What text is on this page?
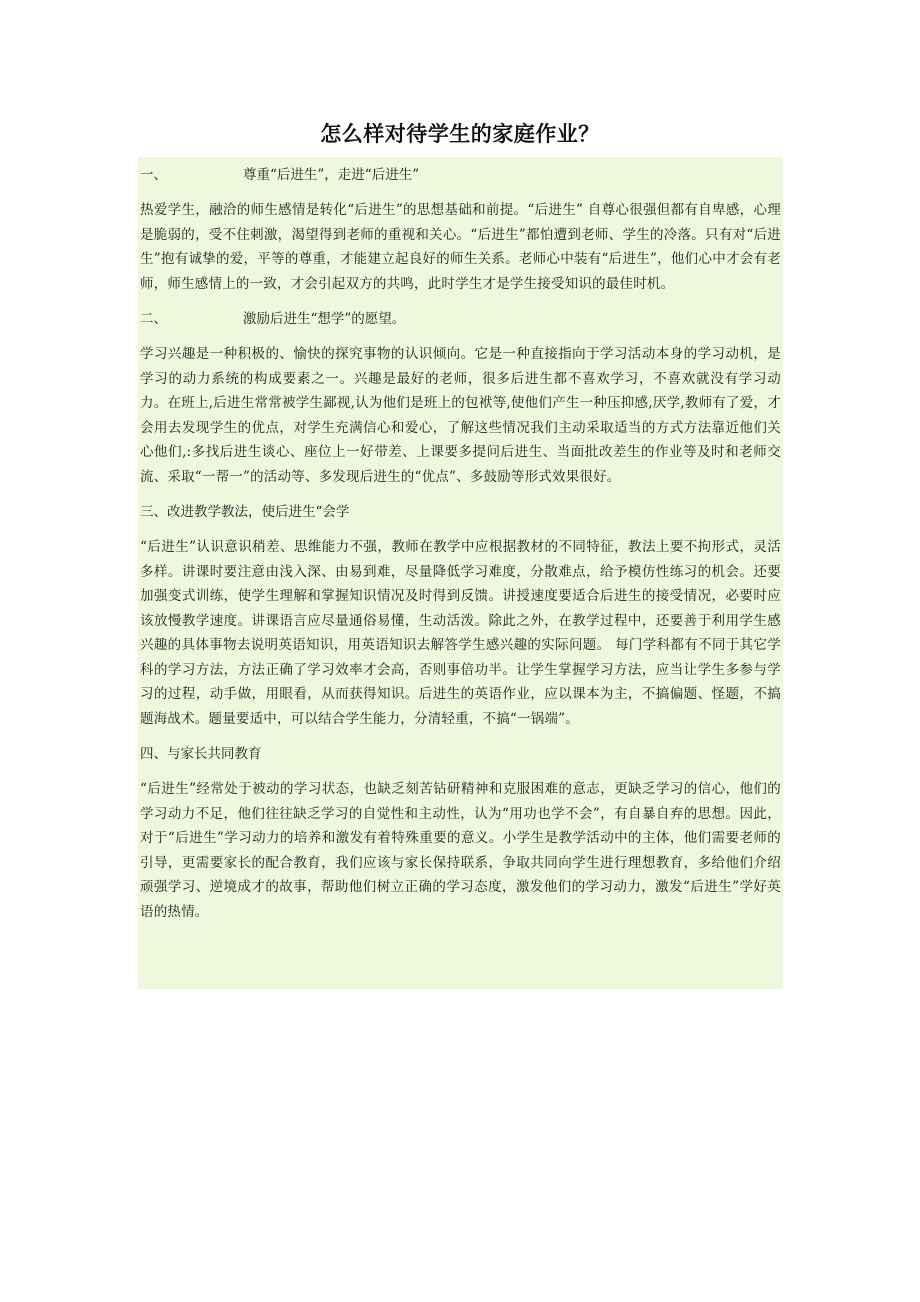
怎么样对待学生的家庭作业？
一、	尊重“后进生”，走进“后进生”
热爱学生，融洽的师生感情是转化“后进生”的思想基础和前提。“后进生” 自尊心很强但都有自卑感，心理是脆弱的，受不住刺激，渴望得到老师的重视和关心。“后进生”都怕遭到老师、学生的冷落。只有对“后进生”抱有诚挚的爱，平等的尊重，才能建立起良好的师生关系。老师心中装有“后进生”，他们心中才会有老师，师生感情上的一致，才会引起双方的共鸣，此时学生才是学生接受知识的最佳时机。
二、	激励后进生“想学”的愿望。
学习兴趣是一种积极的、愉快的探究事物的认识倾向。它是一种直接指向于学习活动本身的学习动机，是学习的动力系统的构成要素之一。兴趣是最好的老师，很多后进生都不喜欢学习，不喜欢就没有学习动力。在班上,后进生常常被学生鄙视,认为他们是班上的包袱等,使他们产生一种压抑感,厌学,教师有了爱，才会用去发现学生的优点，对学生充满信心和爱心，了解这些情况我们主动采取适当的方式方法靠近他们关心他们,:多找后进生谈心、座位上一好带差、上课要多提问后进生、当面批改差生的作业等及时和老师交流、采取“一帮一”的活动等、多发现后进生的“优点”、多鼓励等形式效果很好。
三、改进教学教法，使后进生“会学
“后进生”认识意识稍差、思维能力不强，教师在教学中应根据教材的不同特征，教法上要不拘形式，灵活多样。讲课时要注意由浅入深、由易到难，尽量降低学习难度，分散难点，给予模仿性练习的机会。还要加强变式训练，使学生理解和掌握知识情况及时得到反馈。讲授速度要适合后进生的接受情况，必要时应该放慢教学速度。讲课语言应尽量通俗易懂，生动活泼。除此之外，在教学过程中，还要善于利用学生感兴趣的具体事物去说明英语知识，用英语知识去解答学生感兴趣的实际问题。 每门学科都有不同于其它学科的学习方法，方法正确了学习效率才会高，否则事倍功半。让学生掌握学习方法，应当让学生多参与学习的过程，动手做，用眼看，从而获得知识。后进生的英语作业，应以课本为主，不搞偏题、怪题，不搞题海战术。题量要适中，可以结合学生能力，分清轻重，不搞“一锅端”。
四、与家长共同教育
“后进生”经常处于被动的学习状态，也缺乏刻苦钻研精神和克服困难的意志，更缺乏学习的信心，他们的学习动力不足，他们往往缺乏学习的自觉性和主动性，认为“用功也学不会”，有自暴自弃的思想。因此，对于“后进生”学习动力的培养和激发有着特殊重要的意义。小学生是教学活动中的主体，他们需要老师的引导，更需要家长的配合教育，我们应该与家长保持联系，争取共同向学生进行理想教育，多给他们介绍顽强学习、逆境成才的故事，帮助他们树立正确的学习态度，激发他们的学习动力，激发“后进生”学好英语的热情。
